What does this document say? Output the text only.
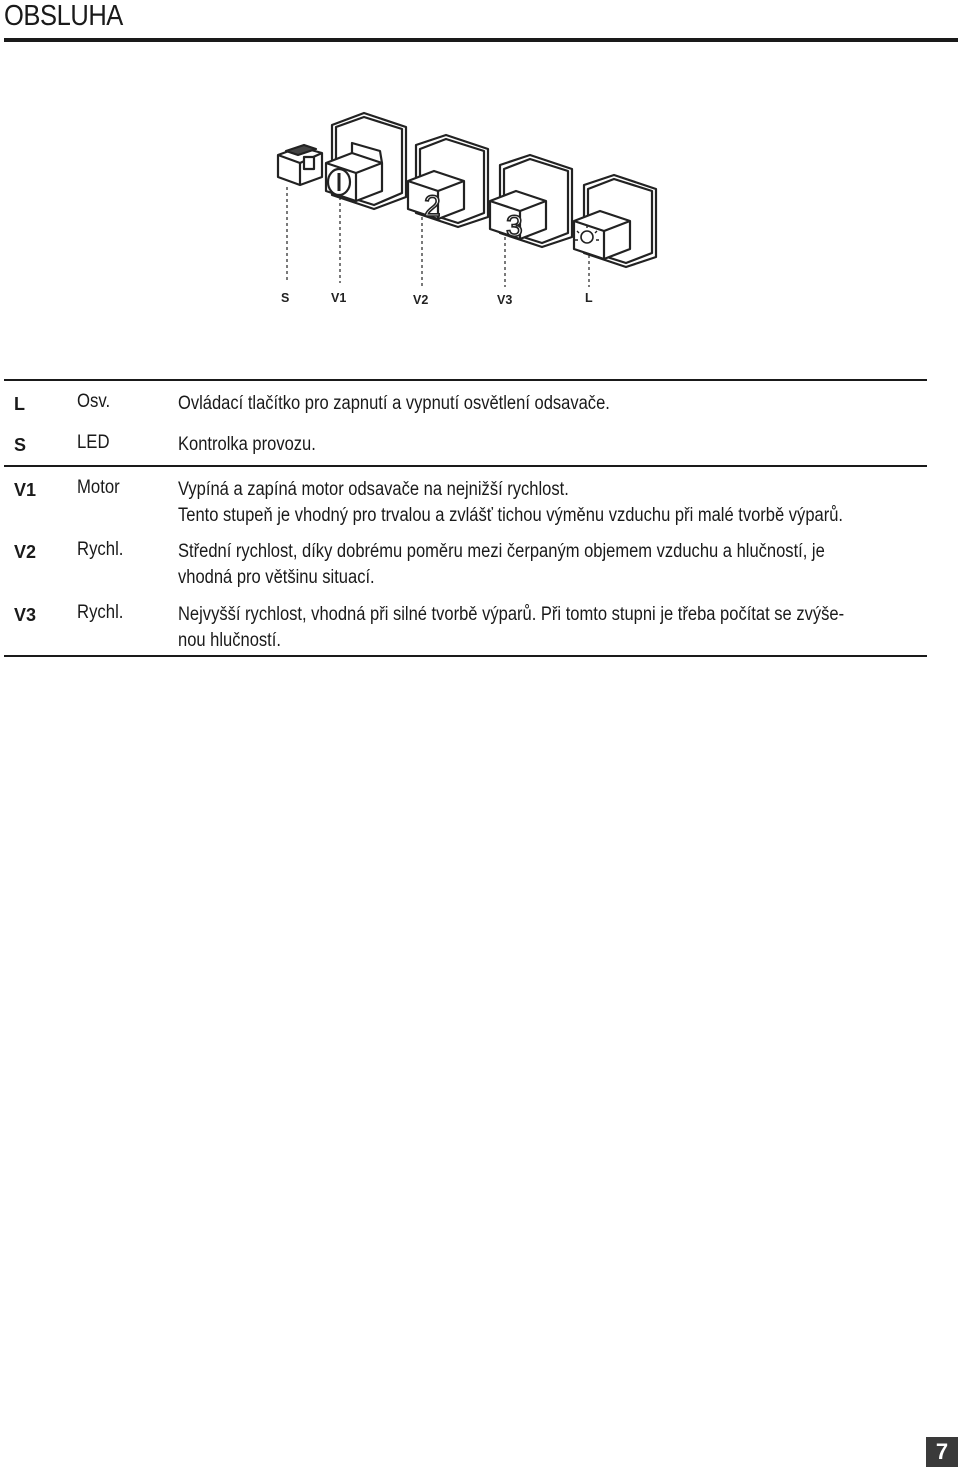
OBSLUHA
2
3
S	V1	V2	V3	L
L	Osv.	Ovládací tlačítko pro zapnutí a vypnutí osvětlení odsavače.
S	LED	Kontrolka provozu.
V1 Motor	Vypíná a zapíná motor odsavače na nejnižší rychlost.
Tento stupeň je vhodný pro trvalou a zvlášť tichou výměnu vzduchu při malé tvorbě výparů.
V2 Rychl.	Střední rychlost, díky dobrému poměru mezi čerpaným objemem vzduchu a hlučností, je
vhodná pro většinu situací.
V3 Rychl.	Nejvyšší rychlost, vhodná při silné tvorbě výparů. Při tomto stupni je třeba počítat se zvýše-
nou hlučností.
7
